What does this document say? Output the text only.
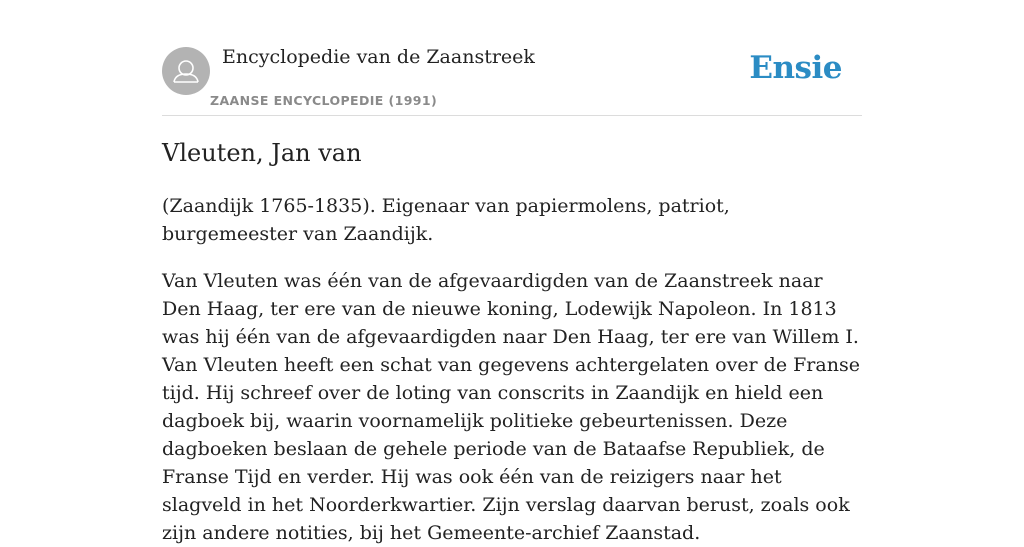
Encyclopedie van de Zaanstreek
ZAANSE ENCYCLOPEDIE (1991)
Ensie
Vleuten, Jan van

(Zaandijk 1765-1835). Eigenaar van papiermolens, patriot, burgemeester van Zaandijk.

Van Vleuten was één van de afgevaardigden van de Zaanstreek naar Den Haag, ter ere van de nieuwe koning, Lodewijk Napoleon. In 1813 was hij één van de afgevaardigden naar Den Haag, ter ere van Willem I. Van Vleuten heeft een schat van gegevens achtergelaten over de Franse tijd. Hij schreef over de loting van conscrits in Zaandijk en hield een dagboek bij, waarin voornamelijk politieke gebeurtenissen. Deze dagboeken beslaan de gehele periode van de Bataafse Republiek, de Franse Tijd en verder. Hij was ook één van de reizigers naar het slagveld in het Noorderkwartier. Zijn verslag daarvan berust, zoals ook zijn andere notities, bij het Gemeente-archief Zaanstad.
